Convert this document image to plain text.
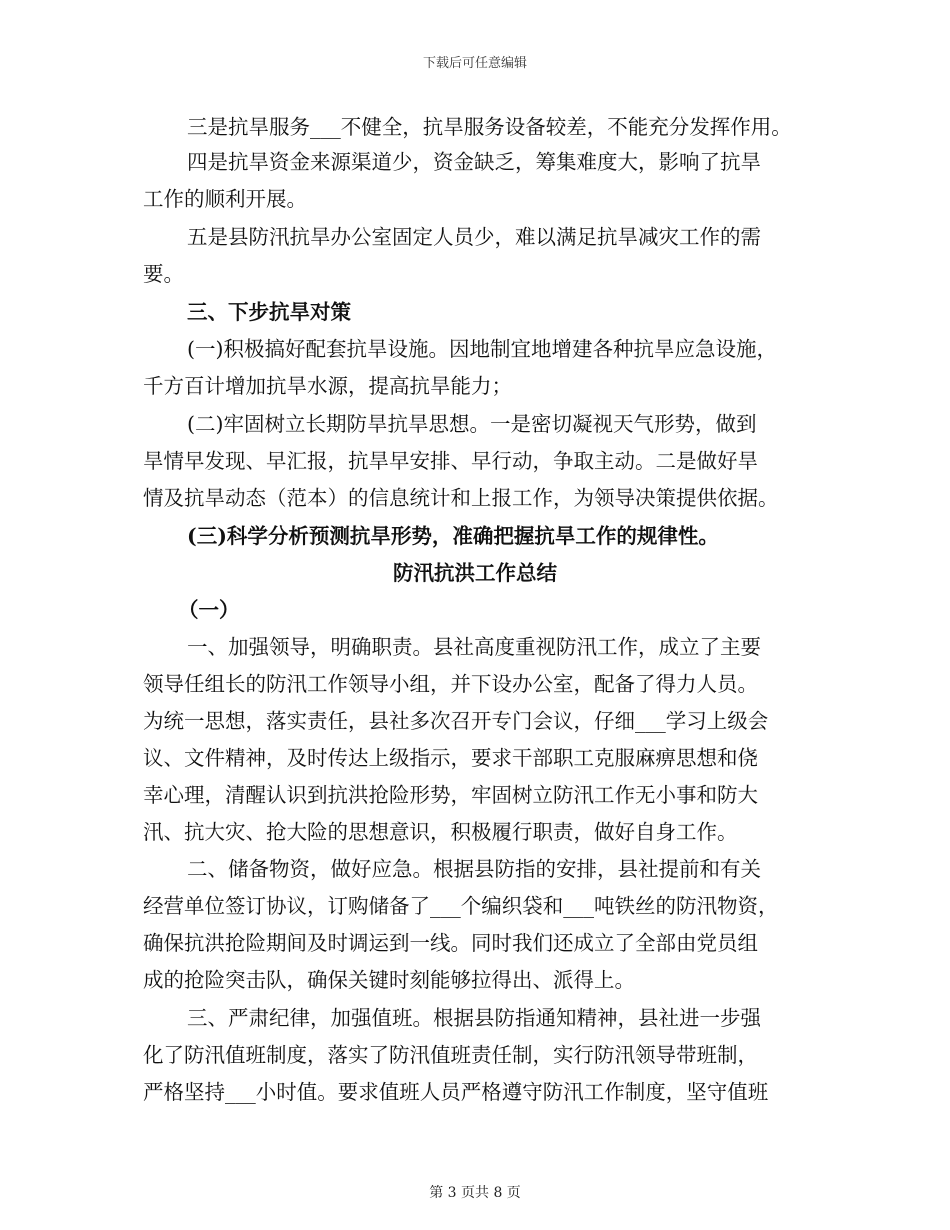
下载后可任意编辑
三是抗旱服务___不健全，抗旱服务设备较差，不能充分发挥作用。
四是抗旱资金来源渠道少，资金缺乏，筹集难度大，影响了抗旱
工作的顺利开展。
五是县防汛抗旱办公室固定人员少，难以满足抗旱减灾工作的需
要。
三、下步抗旱对策
(一)积极搞好配套抗旱设施。因地制宜地增建各种抗旱应急设施，
千方百计增加抗旱水源，提高抗旱能力；
(二)牢固树立长期防旱抗旱思想。一是密切凝视天气形势，做到
旱情早发现、早汇报，抗旱早安排、早行动，争取主动。二是做好旱
情及抗旱动态（范本）的信息统计和上报工作，为领导决策提供依据。
(三)科学分析预测抗旱形势，准确把握抗旱工作的规律性。
防汛抗洪工作总结
（一）
一、加强领导，明确职责。县社高度重视防汛工作，成立了主要
领导任组长的防汛工作领导小组，并下设办公室，配备了得力人员。
为统一思想，落实责任，县社多次召开专门会议，仔细___学习上级会
议、文件精神，及时传达上级指示，要求干部职工克服麻痹思想和侥
幸心理，清醒认识到抗洪抢险形势，牢固树立防汛工作无小事和防大
汛、抗大灾、抢大险的思想意识，积极履行职责，做好自身工作。
二、储备物资，做好应急。根据县防指的安排，县社提前和有关
经营单位签订协议，订购储备了___个编织袋和___吨铁丝的防汛物资，
确保抗洪抢险期间及时调运到一线。同时我们还成立了全部由党员组
成的抢险突击队，确保关键时刻能够拉得出、派得上。
三、严肃纪律，加强值班。根据县防指通知精神，县社进一步强
化了防汛值班制度，落实了防汛值班责任制，实行防汛领导带班制，
严格坚持___小时值。要求值班人员严格遵守防汛工作制度，坚守值班
第 3 页共 8 页
